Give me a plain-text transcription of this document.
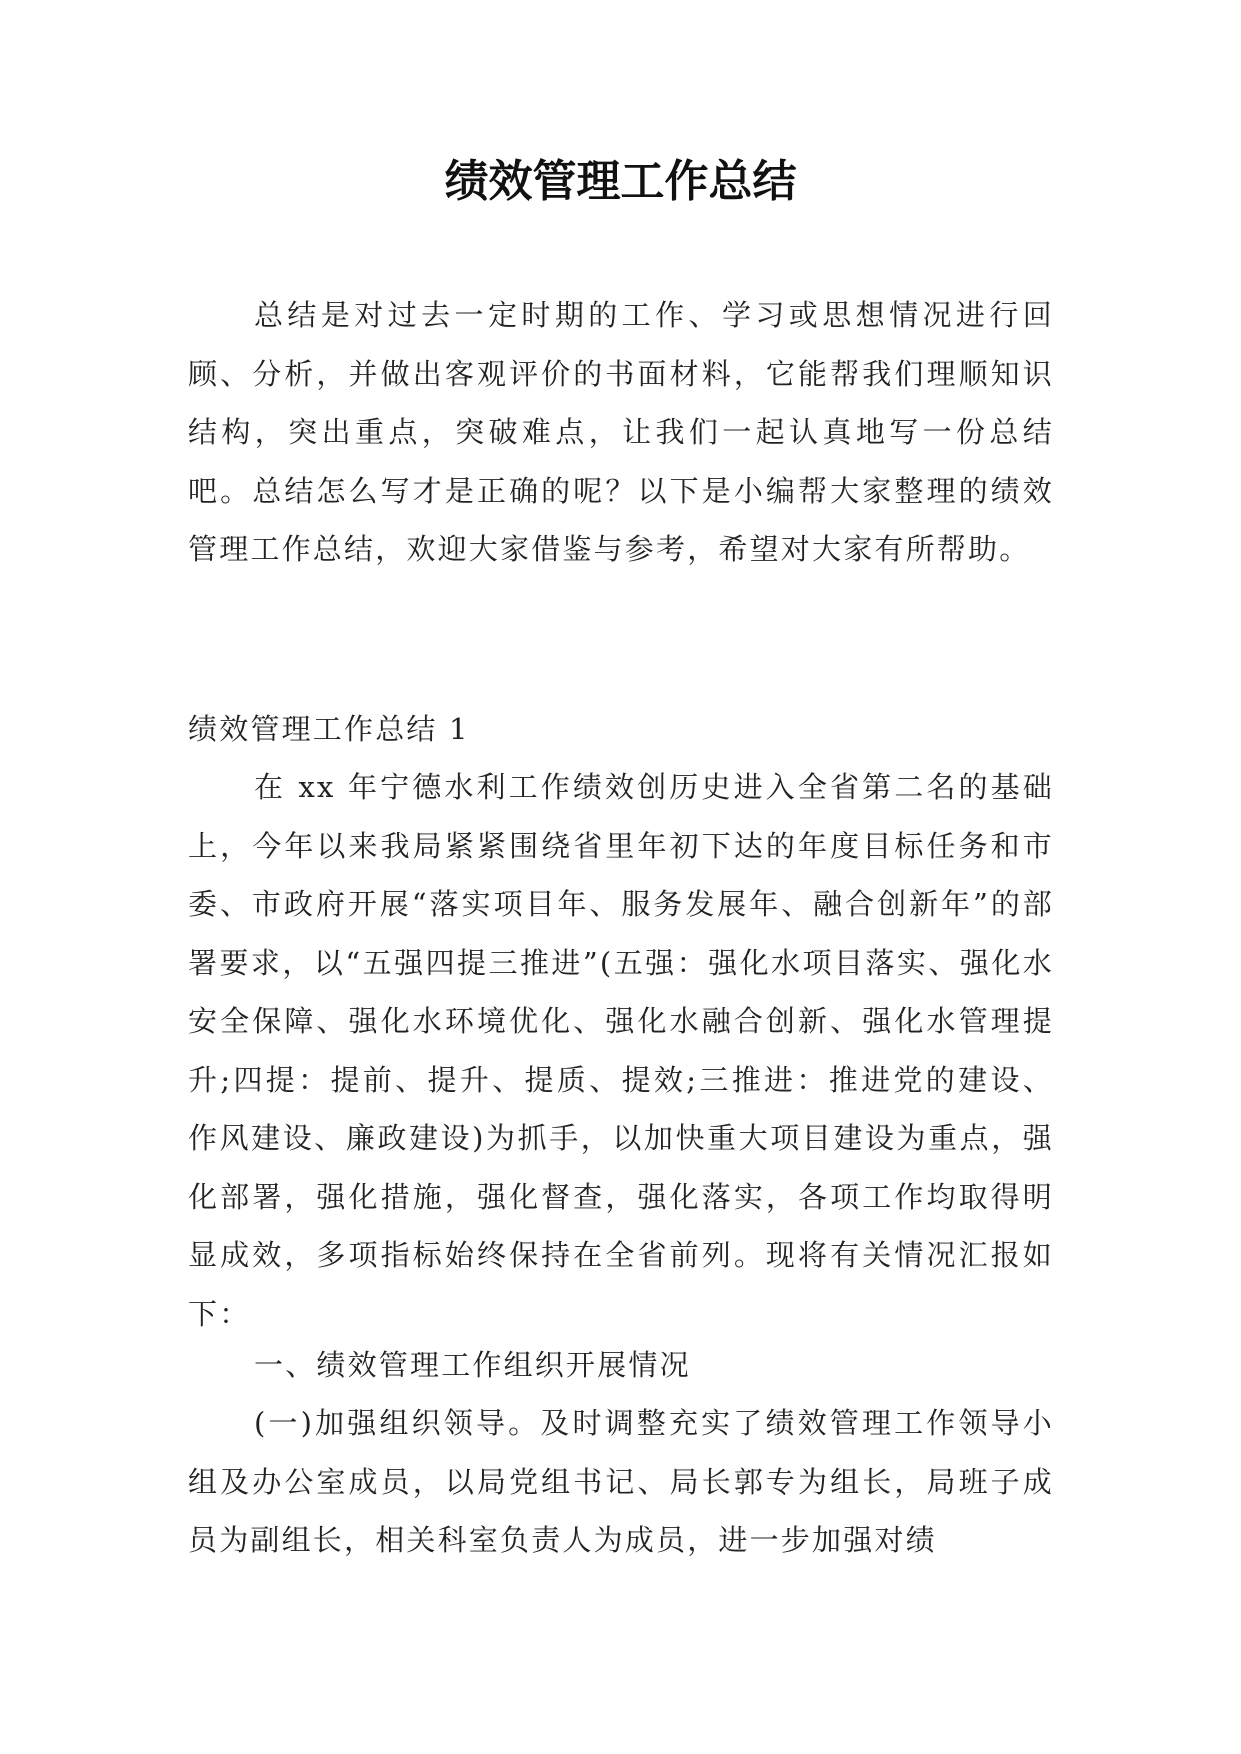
绩效管理工作总结

总结是对过去一定时期的工作、学习或思想情况进行回顾、分析，并做出客观评价的书面材料，它能帮我们理顺知识结构，突出重点，突破难点，让我们一起认真地写一份总结吧。总结怎么写才是正确的呢？以下是小编帮大家整理的绩效管理工作总结，欢迎大家借鉴与参考，希望对大家有所帮助。

绩效管理工作总结 1

在 xx 年宁德水利工作绩效创历史进入全省第二名的基础上，今年以来我局紧紧围绕省里年初下达的年度目标任务和市委、市政府开展“落实项目年、服务发展年、融合创新年”的部署要求，以“五强四提三推进”(五强：强化水项目落实、强化水安全保障、强化水环境优化、强化水融合创新、强化水管理提升;四提：提前、提升、提质、提效;三推进：推进党的建设、作风建设、廉政建设)为抓手，以加快重大项目建设为重点，强化部署，强化措施，强化督查，强化落实，各项工作均取得明显成效，多项指标始终保持在全省前列。现将有关情况汇报如下：

一、绩效管理工作组织开展情况

(一)加强组织领导。及时调整充实了绩效管理工作领导小组及办公室成员，以局党组书记、局长郭专为组长，局班子成员为副组长，相关科室负责人为成员，进一步加强对绩
